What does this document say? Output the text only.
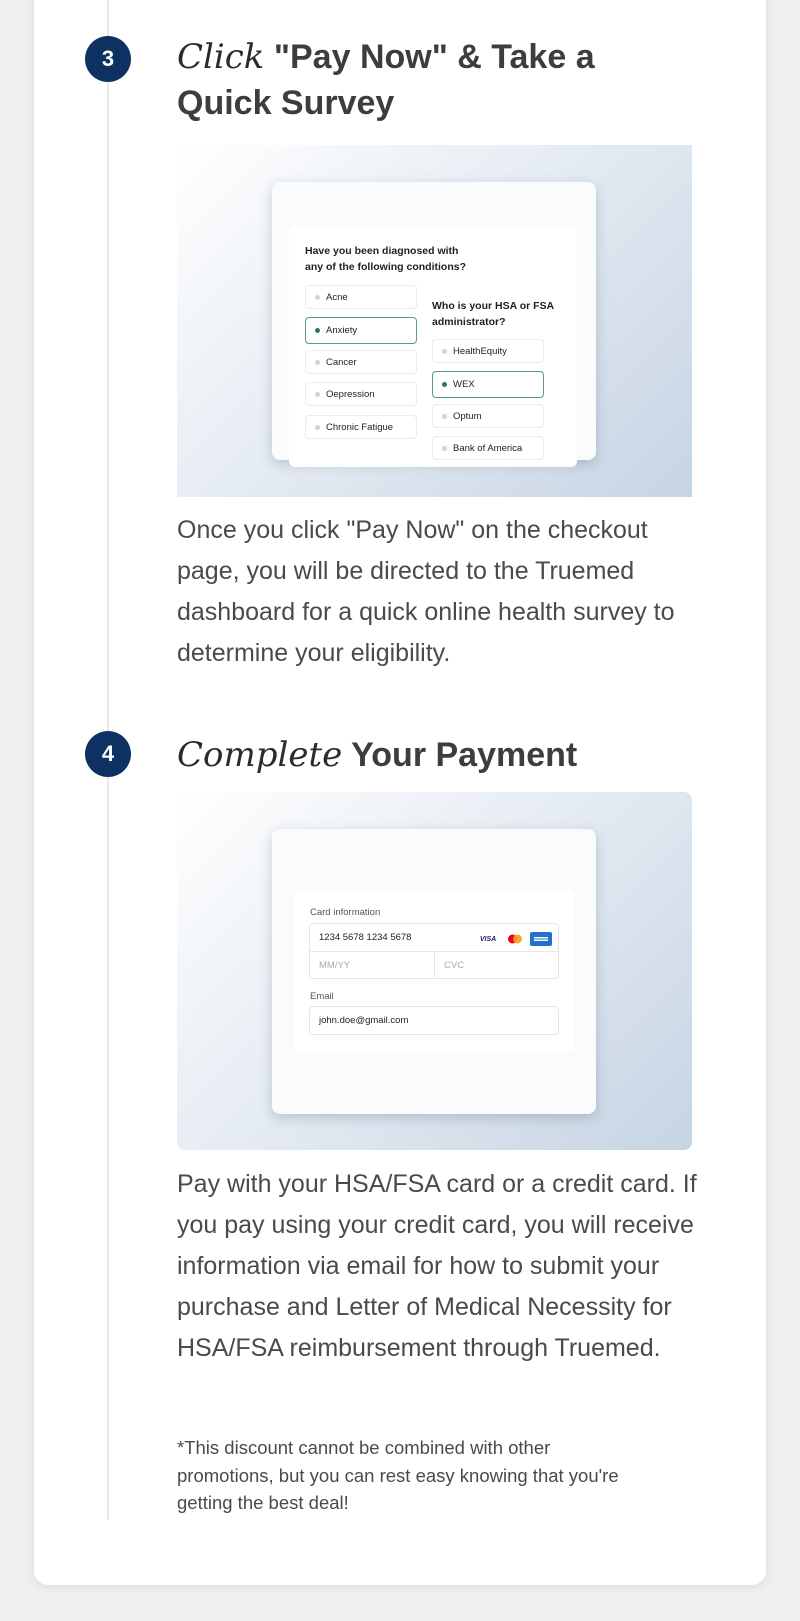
3	Click "Pay Now" & Take a
Quick Survey
Have you been diagnosed with
any of the following conditions?
Acne
Anxiety
Cancer
Oepression
Chronic Fatigue
Who is your HSA or FSA
administrator?
HealthEquity
WEX
Optum
Bank of America
Once you click "Pay Now" on the checkout page, you will be directed to the Truemed dashboard for a quick online health survey to determine your eligibility.
4	Complete Your Payment
Card information
1234 5678 1234 5678	VISA
MM/YY	CVC
Email
john.doe@gmail.com
Pay with your HSA/FSA card or a credit card. If you pay using your credit card, you will receive information via email for how to submit your purchase and Letter of Medical Necessity for HSA/FSA reimbursement through Truemed.
*This discount cannot be combined with other promotions, but you can rest easy knowing that you're getting the best deal!
